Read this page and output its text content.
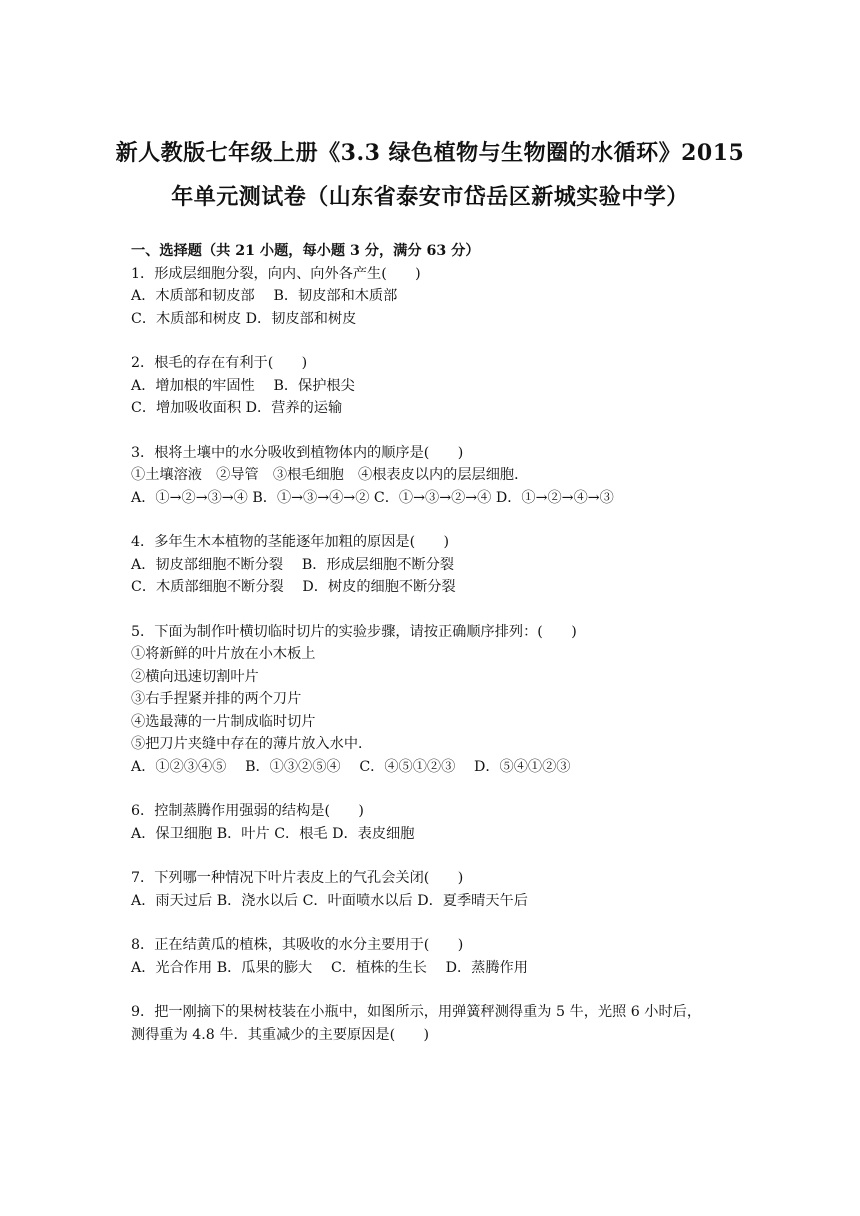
新人教版七年级上册《3.3 绿色植物与生物圈的水循环》2015
年单元测试卷（山东省泰安市岱岳区新城实验中学）
一、选择题（共 21 小题，每小题 3 分，满分 63 分）
1．形成层细胞分裂，向内、向外各产生(　　)
A．木质部和韧皮部　 B．韧皮部和木质部
C．木质部和树皮 D．韧皮部和树皮
2．根毛的存在有利于(　　)
A．增加根的牢固性　 B．保护根尖
C．增加吸收面积 D．营养的运输
3．根将土壤中的水分吸收到植物体内的顺序是(　　)
①土壤溶液　②导管　③根毛细胞　④根表皮以内的层层细胞．
A．①→②→③→④ B．①→③→④→② C．①→③→②→④ D．①→②→④→③
4．多年生木本植物的茎能逐年加粗的原因是(　　)
A．韧皮部细胞不断分裂　 B．形成层细胞不断分裂
C．木质部细胞不断分裂　 D．树皮的细胞不断分裂
5．下面为制作叶横切临时切片的实验步骤，请按正确顺序排列：(　　)
①将新鲜的叶片放在小木板上
②横向迅速切割叶片
③右手捏紧并排的两个刀片
④选最薄的一片制成临时切片
⑤把刀片夹缝中存在的薄片放入水中．
A．①②③④⑤　 B．①③②⑤④　 C．④⑤①②③　 D．⑤④①②③
6．控制蒸腾作用强弱的结构是(　　)
A．保卫细胞 B．叶片 C．根毛 D．表皮细胞
7．下列哪一种情况下叶片表皮上的气孔会关闭(　　)
A．雨天过后 B．浇水以后 C．叶面喷水以后 D．夏季晴天午后
8．正在结黄瓜的植株，其吸收的水分主要用于(　　)
A．光合作用 B．瓜果的膨大　 C．植株的生长　 D．蒸腾作用
9．把一刚摘下的果树枝装在小瓶中，如图所示，用弹簧秤测得重为 5 牛，光照 6 小时后，
测得重为 4.8 牛．其重减少的主要原因是(　　)
